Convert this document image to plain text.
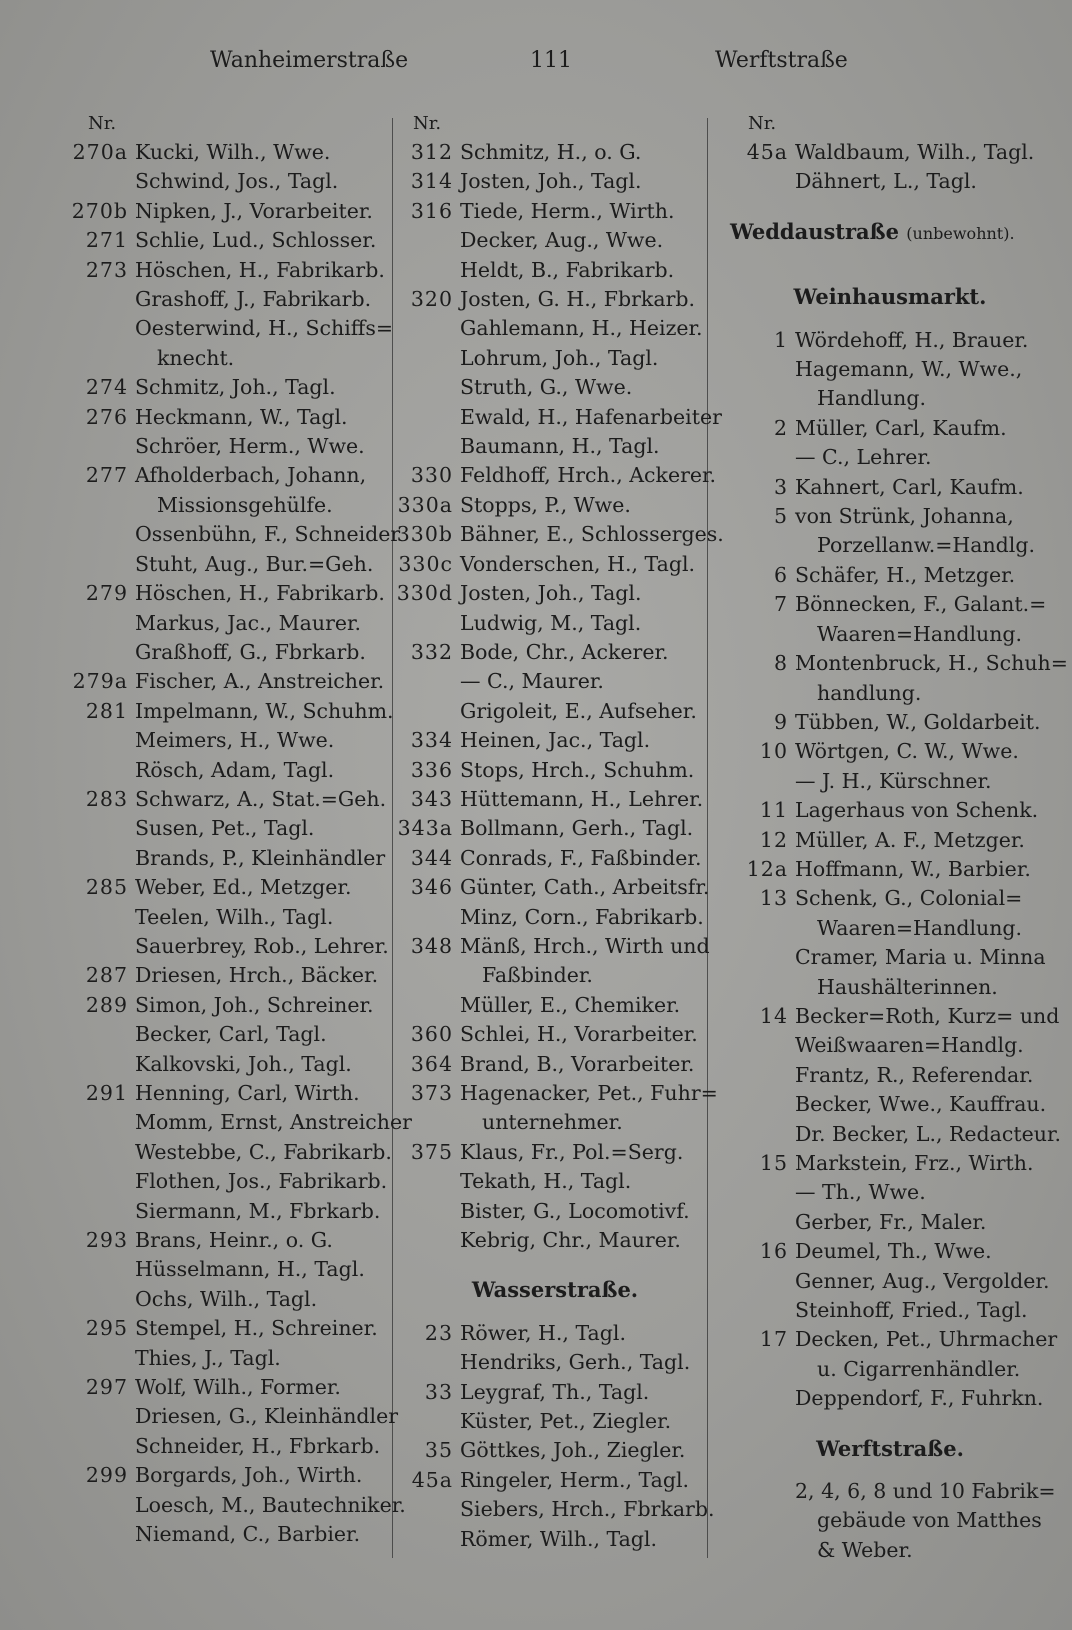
Wanheimerstraße	111	Werftstraße
Nr.
270a Kucki, Wilh., Wwe.
Schwind, Jos., Tagl.
270b Nipken, J., Vorarbeiter.
271 Schlie, Lud., Schlosser.
273 Höschen, H., Fabrikarb.
Grashoff, J., Fabrikarb.
Oesterwind, H., Schiffs=
knecht.
274 Schmitz, Joh., Tagl.
276 Heckmann, W., Tagl.
Schröer, Herm., Wwe.
277 Afholderbach, Johann,
Missionsgehülfe.
Ossenbühn, F., Schneider
Stuht, Aug., Bur.=Geh.
279 Höschen, H., Fabrikarb.
Markus, Jac., Maurer.
Graßhoff, G., Fbrkarb.
279a Fischer, A., Anstreicher.
281 Impelmann, W., Schuhm.
Meimers, H., Wwe.
Rösch, Adam, Tagl.
283 Schwarz, A., Stat.=Geh.
Susen, Pet., Tagl.
Brands, P., Kleinhändler
285 Weber, Ed., Metzger.
Teelen, Wilh., Tagl.
Sauerbrey, Rob., Lehrer.
287 Driesen, Hrch., Bäcker.
289 Simon, Joh., Schreiner.
Becker, Carl, Tagl.
Kalkovski, Joh., Tagl.
291 Henning, Carl, Wirth.
Momm, Ernst, Anstreicher
Westebbe, C., Fabrikarb.
Flothen, Jos., Fabrikarb.
Siermann, M., Fbrkarb.
293 Brans, Heinr., o. G.
Hüsselmann, H., Tagl.
Ochs, Wilh., Tagl.
295 Stempel, H., Schreiner.
Thies, J., Tagl.
297 Wolf, Wilh., Former.
Driesen, G., Kleinhändler
Schneider, H., Fbrkarb.
299 Borgards, Joh., Wirth.
Loesch, M., Bautechniker.
Niemand, C., Barbier.
Nr.
312 Schmitz, H., o. G.
314 Josten, Joh., Tagl.
316 Tiede, Herm., Wirth.
Decker, Aug., Wwe.
Heldt, B., Fabrikarb.
320 Josten, G. H., Fbrkarb.
Gahlemann, H., Heizer.
Lohrum, Joh., Tagl.
Struth, G., Wwe.
Ewald, H., Hafenarbeiter
Baumann, H., Tagl.
330 Feldhoff, Hrch., Ackerer.
330a Stopps, P., Wwe.
330b Bähner, E., Schlosserges.
330c Vonderschen, H., Tagl.
330d Josten, Joh., Tagl.
Ludwig, M., Tagl.
332 Bode, Chr., Ackerer.
— C., Maurer.
Grigoleit, E., Aufseher.
334 Heinen, Jac., Tagl.
336 Stops, Hrch., Schuhm.
343 Hüttemann, H., Lehrer.
343a Bollmann, Gerh., Tagl.
344 Conrads, F., Faßbinder.
346 Günter, Cath., Arbeitsfr.
Minz, Corn., Fabrikarb.
348 Mänß, Hrch., Wirth und
Faßbinder.
Müller, E., Chemiker.
360 Schlei, H., Vorarbeiter.
364 Brand, B., Vorarbeiter.
373 Hagenacker, Pet., Fuhr=
unternehmer.
375 Klaus, Fr., Pol.=Serg.
Tekath, H., Tagl.
Bister, G., Locomotivf.
Kebrig, Chr., Maurer.
Wasserstraße.
23 Röwer, H., Tagl.
Hendriks, Gerh., Tagl.
33 Leygraf, Th., Tagl.
Küster, Pet., Ziegler.
35 Göttkes, Joh., Ziegler.
45a Ringeler, Herm., Tagl.
Siebers, Hrch., Fbrkarb.
Römer, Wilh., Tagl.
Nr.
45a Waldbaum, Wilh., Tagl.
Dähnert, L., Tagl.
Weddaustraße (unbewohnt).
Weinhausmarkt.
1 Wördehoff, H., Brauer.
Hagemann, W., Wwe.,
Handlung.
2 Müller, Carl, Kaufm.
— C., Lehrer.
3 Kahnert, Carl, Kaufm.
5 von Strünk, Johanna,
Porzellanw.=Handlg.
6 Schäfer, H., Metzger.
7 Bönnecken, F., Galant.=
Waaren=Handlung.
8 Montenbruck, H., Schuh=
handlung.
9 Tübben, W., Goldarbeit.
10 Wörtgen, C. W., Wwe.
— J. H., Kürschner.
11 Lagerhaus von Schenk.
12 Müller, A. F., Metzger.
12a Hoffmann, W., Barbier.
13 Schenk, G., Colonial=
Waaren=Handlung.
Cramer, Maria u. Minna
Haushälterinnen.
14 Becker=Roth, Kurz= und
Weißwaaren=Handlg.
Frantz, R., Referendar.
Becker, Wwe., Kauffrau.
Dr. Becker, L., Redacteur.
15 Markstein, Frz., Wirth.
— Th., Wwe.
Gerber, Fr., Maler.
16 Deumel, Th., Wwe.
Genner, Aug., Vergolder.
Steinhoff, Fried., Tagl.
17 Decken, Pet., Uhrmacher
u. Cigarrenhändler.
Deppendorf, F., Fuhrkn.
Werftstraße.
2, 4, 6, 8 und 10 Fabrik=
gebäude von Matthes
& Weber.
